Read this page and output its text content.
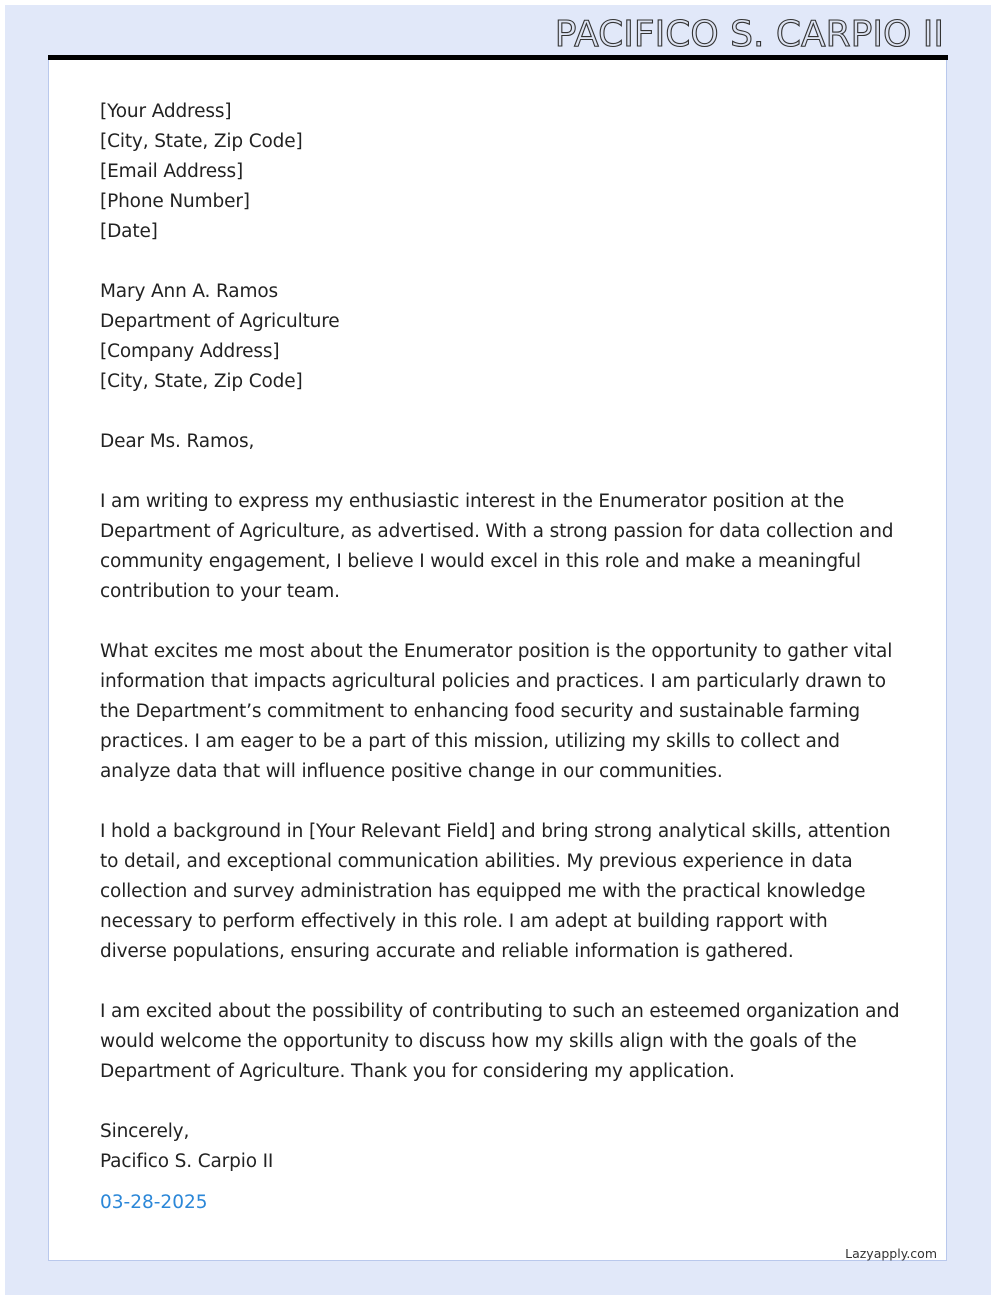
PACIFICO S. CARPIO II
[Your Address]
[City, State, Zip Code]
[Email Address]
[Phone Number]
[Date]
Mary Ann A. Ramos
Department of Agriculture
[Company Address]
[City, State, Zip Code]
Dear Ms. Ramos,
I am writing to express my enthusiastic interest in the Enumerator position at the Department of Agriculture, as advertised. With a strong passion for data collection and community engagement, I believe I would excel in this role and make a meaningful contribution to your team.
What excites me most about the Enumerator position is the opportunity to gather vital information that impacts agricultural policies and practices. I am particularly drawn to the Department’s commitment to enhancing food security and sustainable farming practices. I am eager to be a part of this mission, utilizing my skills to collect and analyze data that will influence positive change in our communities.
I hold a background in [Your Relevant Field] and bring strong analytical skills, attention to detail, and exceptional communication abilities. My previous experience in data collection and survey administration has equipped me with the practical knowledge necessary to perform effectively in this role. I am adept at building rapport with diverse populations, ensuring accurate and reliable information is gathered.
I am excited about the possibility of contributing to such an esteemed organization and would welcome the opportunity to discuss how my skills align with the goals of the Department of Agriculture. Thank you for considering my application.
Sincerely,
Pacifico S. Carpio II
03-28-2025
Lazyapply.com
